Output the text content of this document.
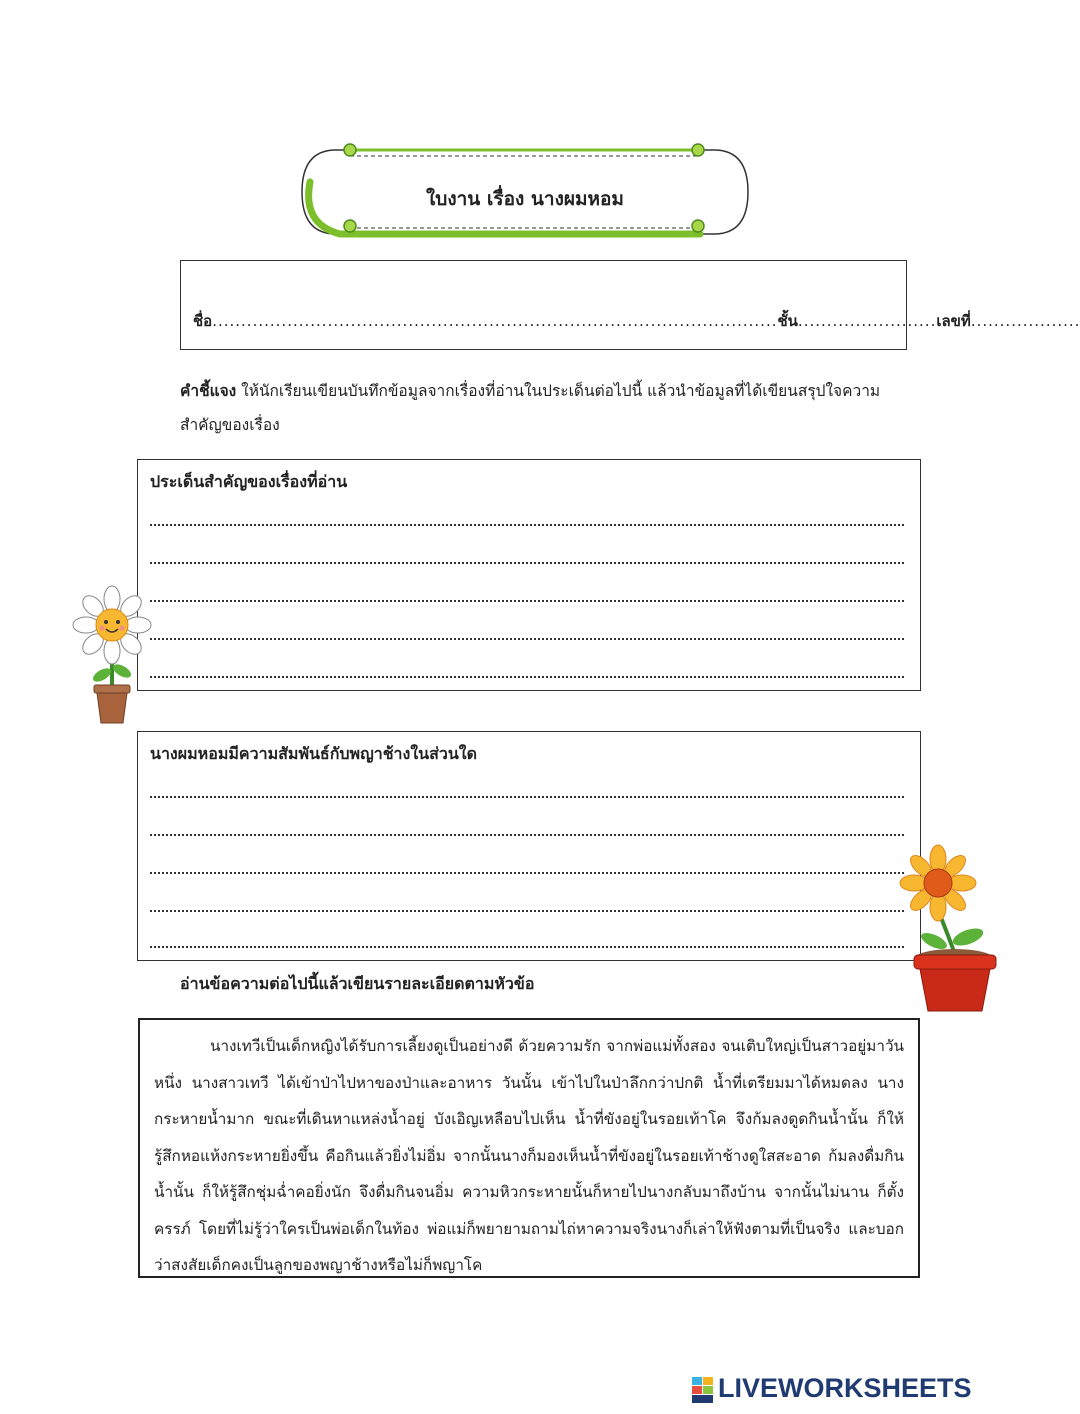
ใบงาน เรื่อง นางผมหอม
ชื่อ..................................................................................................ชั้น........................เลขที่...................
คำชี้แจง ให้นักเรียนเขียนบันทึกข้อมูลจากเรื่องที่อ่านในประเด็นต่อไปนี้ แล้วนำข้อมูลที่ได้เขียนสรุปใจความสำคัญของเรื่อง
ประเด็นสำคัญของเรื่องที่อ่าน
นางผมหอมมีความสัมพันธ์กับพญาช้างในส่วนใด
อ่านข้อความต่อไปนี้แล้วเขียนรายละเอียดตามหัวข้อ

นางเทวีเป็นเด็กหญิงได้รับการเลี้ยงดูเป็นอย่างดี ด้วยความรัก จากพ่อแม่ทั้งสอง จนเติบใหญ่เป็นสาวอยู่มาวันหนึ่ง นางสาวเทวี ได้เข้าป่าไปหาของป่าและอาหาร วันนั้น เข้าไปในป่าลึกกว่าปกติ น้ำที่เตรียมมาได้หมดลง นางกระหายน้ำมาก ขณะที่เดินหาแหล่งน้ำอยู่ บังเอิญเหลือบไปเห็น น้ำที่ขังอยู่ในรอยเท้าโค จึงก้มลงดูดกินน้ำนั้น ก็ให้รู้สึกหอแห้งกระหายยิ่งขึ้น คือกินแล้วยิ่งไม่อิ่ม จากนั้นนางก็มองเห็นน้ำที่ขังอยู่ในรอยเท้าช้างดูใสสะอาด ก้มลงดื่มกินน้ำนั้น ก็ให้รู้สึกชุ่มฉ่ำคอยิ่งนัก จึงดื่มกินจนอิ่ม ความหิวกระหายนั้นก็หายไปนางกลับมาถึงบ้าน จากนั้นไม่นาน ก็ตั้งครรภ์ โดยที่ไม่รู้ว่าใครเป็นพ่อเด็กในท้อง พ่อแม่ก็พยายามถามไถ่หาความจริงนางก็เล่าให้ฟังตามที่เป็นจริง และบอกว่าสงสัยเด็กคงเป็นลูกของพญาช้างหรือไม่ก็พญาโค

LIVEWORKSHEETS
